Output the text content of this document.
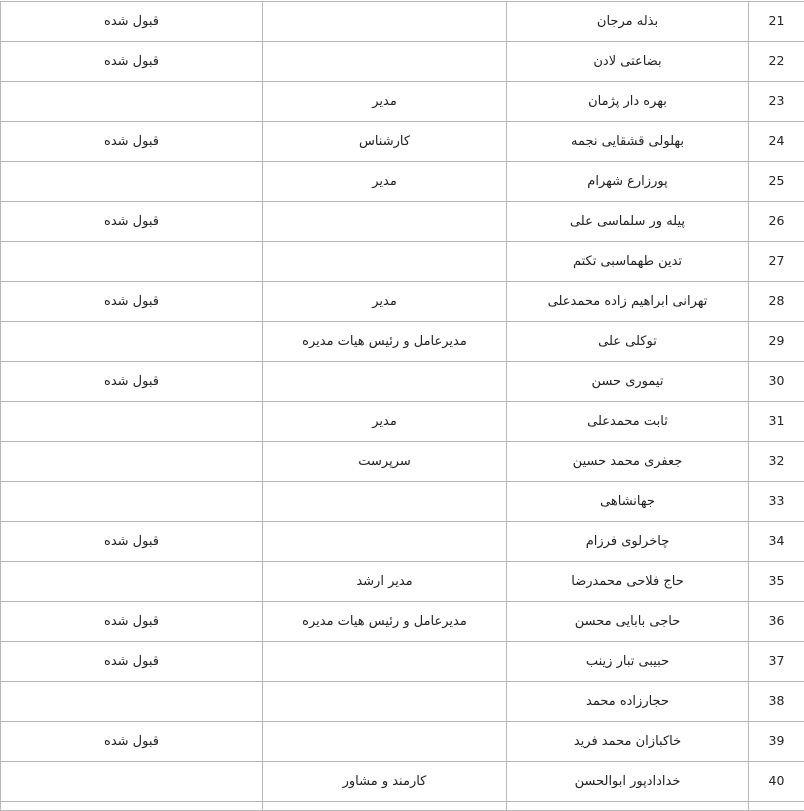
21	بذله مرجان		قبول شده
22	بضاعتی لادن		قبول شده
23	بهره دار پژمان	مدیر	
24	بهلولی قشقایی نجمه	کارشناس	قبول شده
25	پورزارع شهرام	مدیر	
26	پیله ور سلماسی علی		قبول شده
27	تدین طهماسبی تکتم		
28	تهرانی ابراهیم زاده محمدعلی	مدیر	قبول شده
29	توکلی علی	مدیرعامل و رئیس هیات مدیره	
30	تیموری حسن		قبول شده
31	ثابت محمدعلی	مدیر	
32	جعفری محمد حسین	سرپرست	
33	جهانشاهی		
34	چاخرلوی فرزام		قبول شده
35	حاج فلاحی محمدرضا	مدیر ارشد	
36	حاجی بابایی محسن	مدیرعامل و رئیس هیات مدیره	قبول شده
37	حبیبی تبار زینب		قبول شده
38	حجارزاده محمد		
39	خاکبازان محمد فرید		قبول شده
40	خدادادپور ابوالحسن	کارمند و مشاور	
